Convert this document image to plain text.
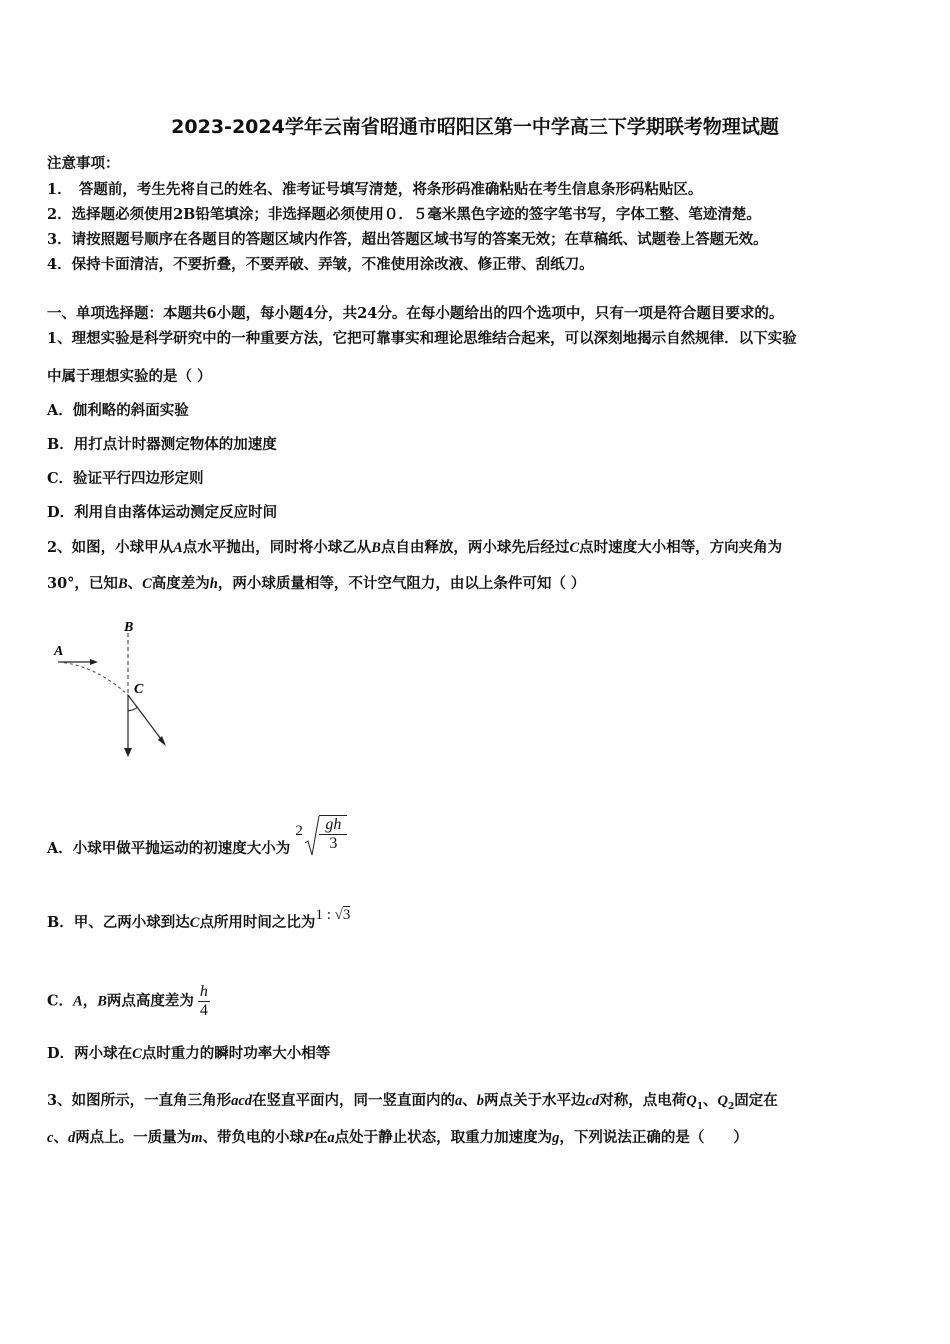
2023-2024学年云南省昭通市昭阳区第一中学高三下学期联考物理试题
注意事项：
1．　答题前，考生先将自己的姓名、准考证号填写清楚，将条形码准确粘贴在考生信息条形码粘贴区。
2．选择题必须使用2B铅笔填涂；非选择题必须使用０．５毫米黑色字迹的签字笔书写，字体工整、笔迹清楚。
3．请按照题号顺序在各题目的答题区域内作答，超出答题区域书写的答案无效；在草稿纸、试题卷上答题无效。
4．保持卡面清洁，不要折叠，不要弄破、弄皱，不准使用涂改液、修正带、刮纸刀。
一、单项选择题：本题共6小题，每小题4分，共24分。在每小题给出的四个选项中，只有一项是符合题目要求的。
1、理想实验是科学研究中的一种重要方法，它把可靠事实和理论思维结合起来，可以深刻地揭示自然规律．以下实验
中属于理想实验的是（ ）
A．伽利略的斜面实验
B．用打点计时器测定物体的加速度
C．验证平行四边形定则
D．利用自由落体运动测定反应时间
2、如图，小球甲从A点水平抛出，同时将小球乙从B点自由释放，两小球先后经过C点时速度大小相等，方向夹角为
30°，已知B、C高度差为h，两小球质量相等，不计空气阻力，由以上条件可知（ ）
B
A
C
A．小球甲做平抛运动的初速度大小为
$2 \frac{gh}{3}$
B．甲、乙两小球到达C点所用时间之比为1 : √3
C．A，B两点高度差为 $\frac{h}{4}$
D．两小球在C点时重力的瞬时功率大小相等
3、如图所示，一直角三角形acd在竖直平面内，同一竖直面内的a、b两点关于水平边cd对称，点电荷$Q_1$、$Q_2$固定在
c、d两点上。一质量为m、带负电的小球P在a点处于静止状态，取重力加速度为g，下列说法正确的是（　　）
